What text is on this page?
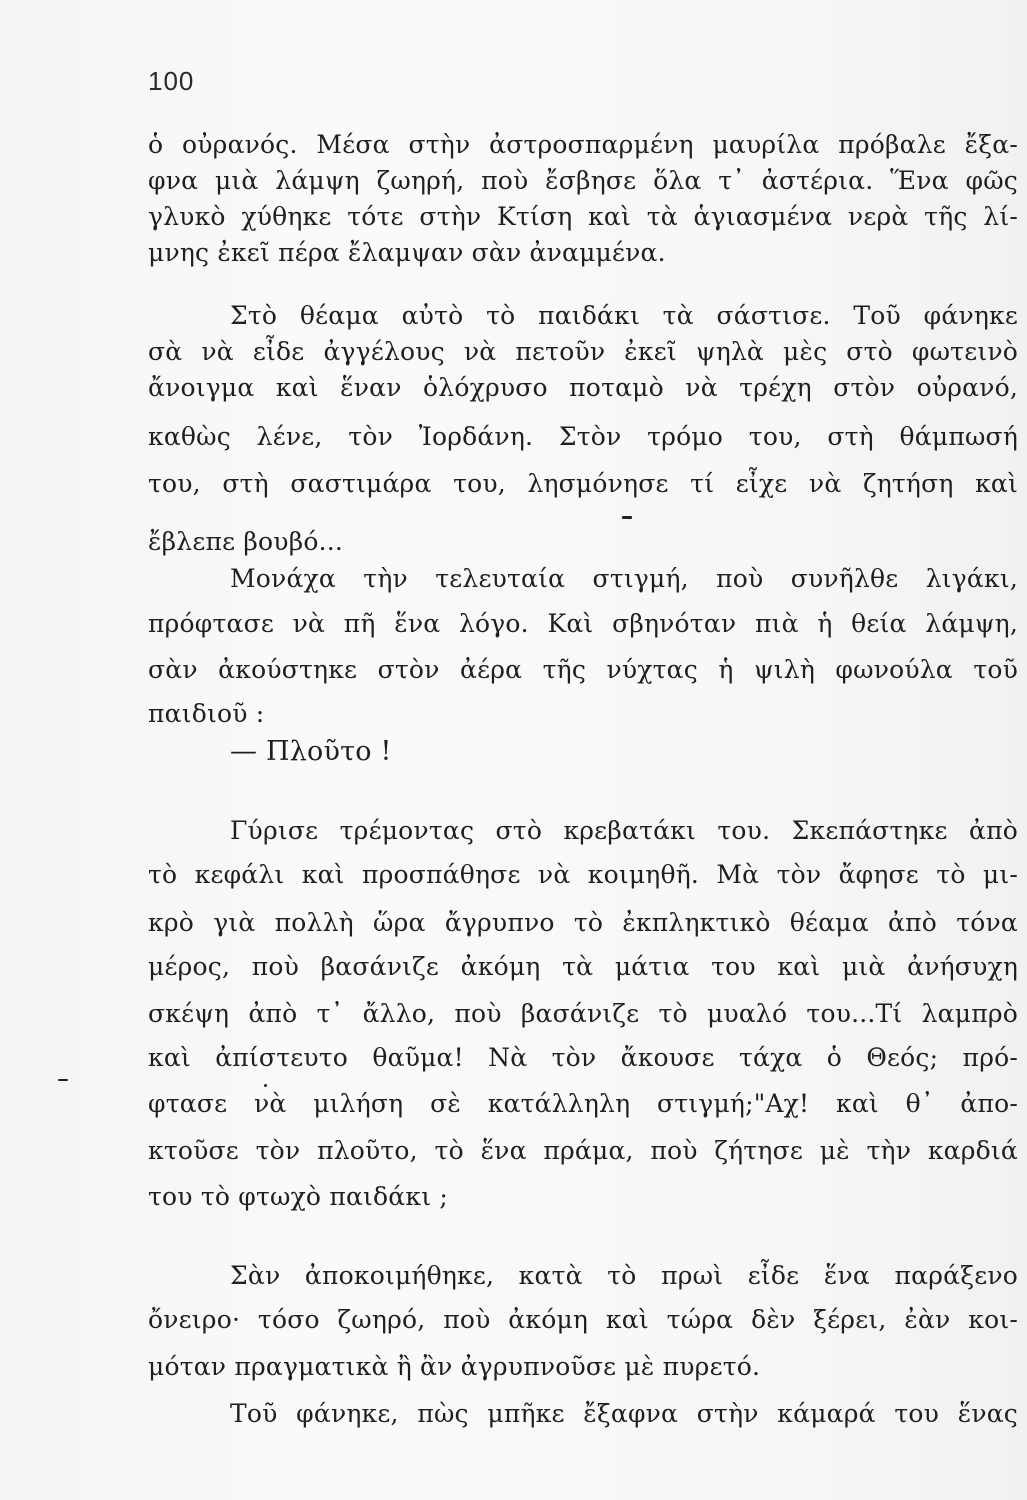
100
ὁ οὐρανός. Μέσα στὴν ἀστροσπαρμένη μαυρίλα πρόβαλε ἔξα-
φνα μιὰ λάμψη ζωηρή, ποὺ ἔσβησε ὅλα τ᾽ ἀστέρια. Ἕνα φῶς
γλυκὸ χύθηκε τότε στὴν Κτίση καὶ τὰ ἁγιασμένα νερὰ τῆς λί-
μνης ἐκεῖ πέρα ἔλαμψαν σὰν ἀναμμένα.
Στὸ θέαμα αὐτὸ τὸ παιδάκι τὰ σάστισε. Τοῦ φάνηκε
σὰ νὰ εἶδε ἀγγέλους νὰ πετοῦν ἐκεῖ ψηλὰ μὲς στὸ φωτεινὸ
ἄνοιγμα καὶ ἕναν ὁλόχρυσο ποταμὸ νὰ τρέχη στὸν οὐρανό,
καθὼς λένε, τὸν Ἰορδάνη. Στὸν τρόμο του, στὴ θάμπωσή
του, στὴ σαστιμάρα του, λησμόνησε τί εἶχε νὰ ζητήση καὶ
ἔβλεπε βουβό...
Μονάχα τὴν τελευταία στιγμή, ποὺ συνῆλθε λιγάκι,
πρόφτασε νὰ πῆ ἕνα λόγο. Καὶ σβηνόταν πιὰ ἡ θεία λάμψη,
σὰν ἀκούστηκε στὸν ἀέρα τῆς νύχτας ἡ ψιλὴ φωνούλα τοῦ
παιδιοῦ :
— Πλοῦτο !
Γύρισε τρέμοντας στὸ κρεβατάκι του. Σκεπάστηκε ἀπὸ
τὸ κεφάλι καὶ προσπάθησε νὰ κοιμηθῆ. Μὰ τὸν ἄφησε τὸ μι-
κρὸ γιὰ πολλὴ ὥρα ἄγρυπνο τὸ ἐκπληκτικὸ θέαμα ἀπὸ τόνα
μέρος, ποὺ βασάνιζε ἀκόμη τὰ μάτια του καὶ μιὰ ἀνήσυχη
σκέψη ἀπὸ τ᾽ ἄλλο, ποὺ βασάνιζε τὸ μυαλό του...Τί λαμπρὸ
καὶ ἀπίστευτο θαῦμα! Νὰ τὸν ἄκουσε τάχα ὁ Θεός; πρό-
φτασε νὰ μιλήση σὲ κατάλληλη στιγμή;"Αχ! καὶ θ᾽ ἀπο-
κτοῦσε τὸν πλοῦτο, τὸ ἕνα πράμα, ποὺ ζήτησε μὲ τὴν καρδιά
του τὸ φτωχὸ παιδάκι ;
Σὰν ἀποκοιμήθηκε, κατὰ τὸ πρωὶ εἶδε ἕνα παράξενο
ὄνειρο· τόσο ζωηρό, ποὺ ἀκόμη καὶ τώρα δὲν ξέρει, ἐὰν κοι-
μόταν πραγματικὰ ἢ ἂν ἀγρυπνοῦσε μὲ πυρετό.
Τοῦ φάνηκε, πὼς μπῆκε ἔξαφνα στὴν κάμαρά του ἕνας
